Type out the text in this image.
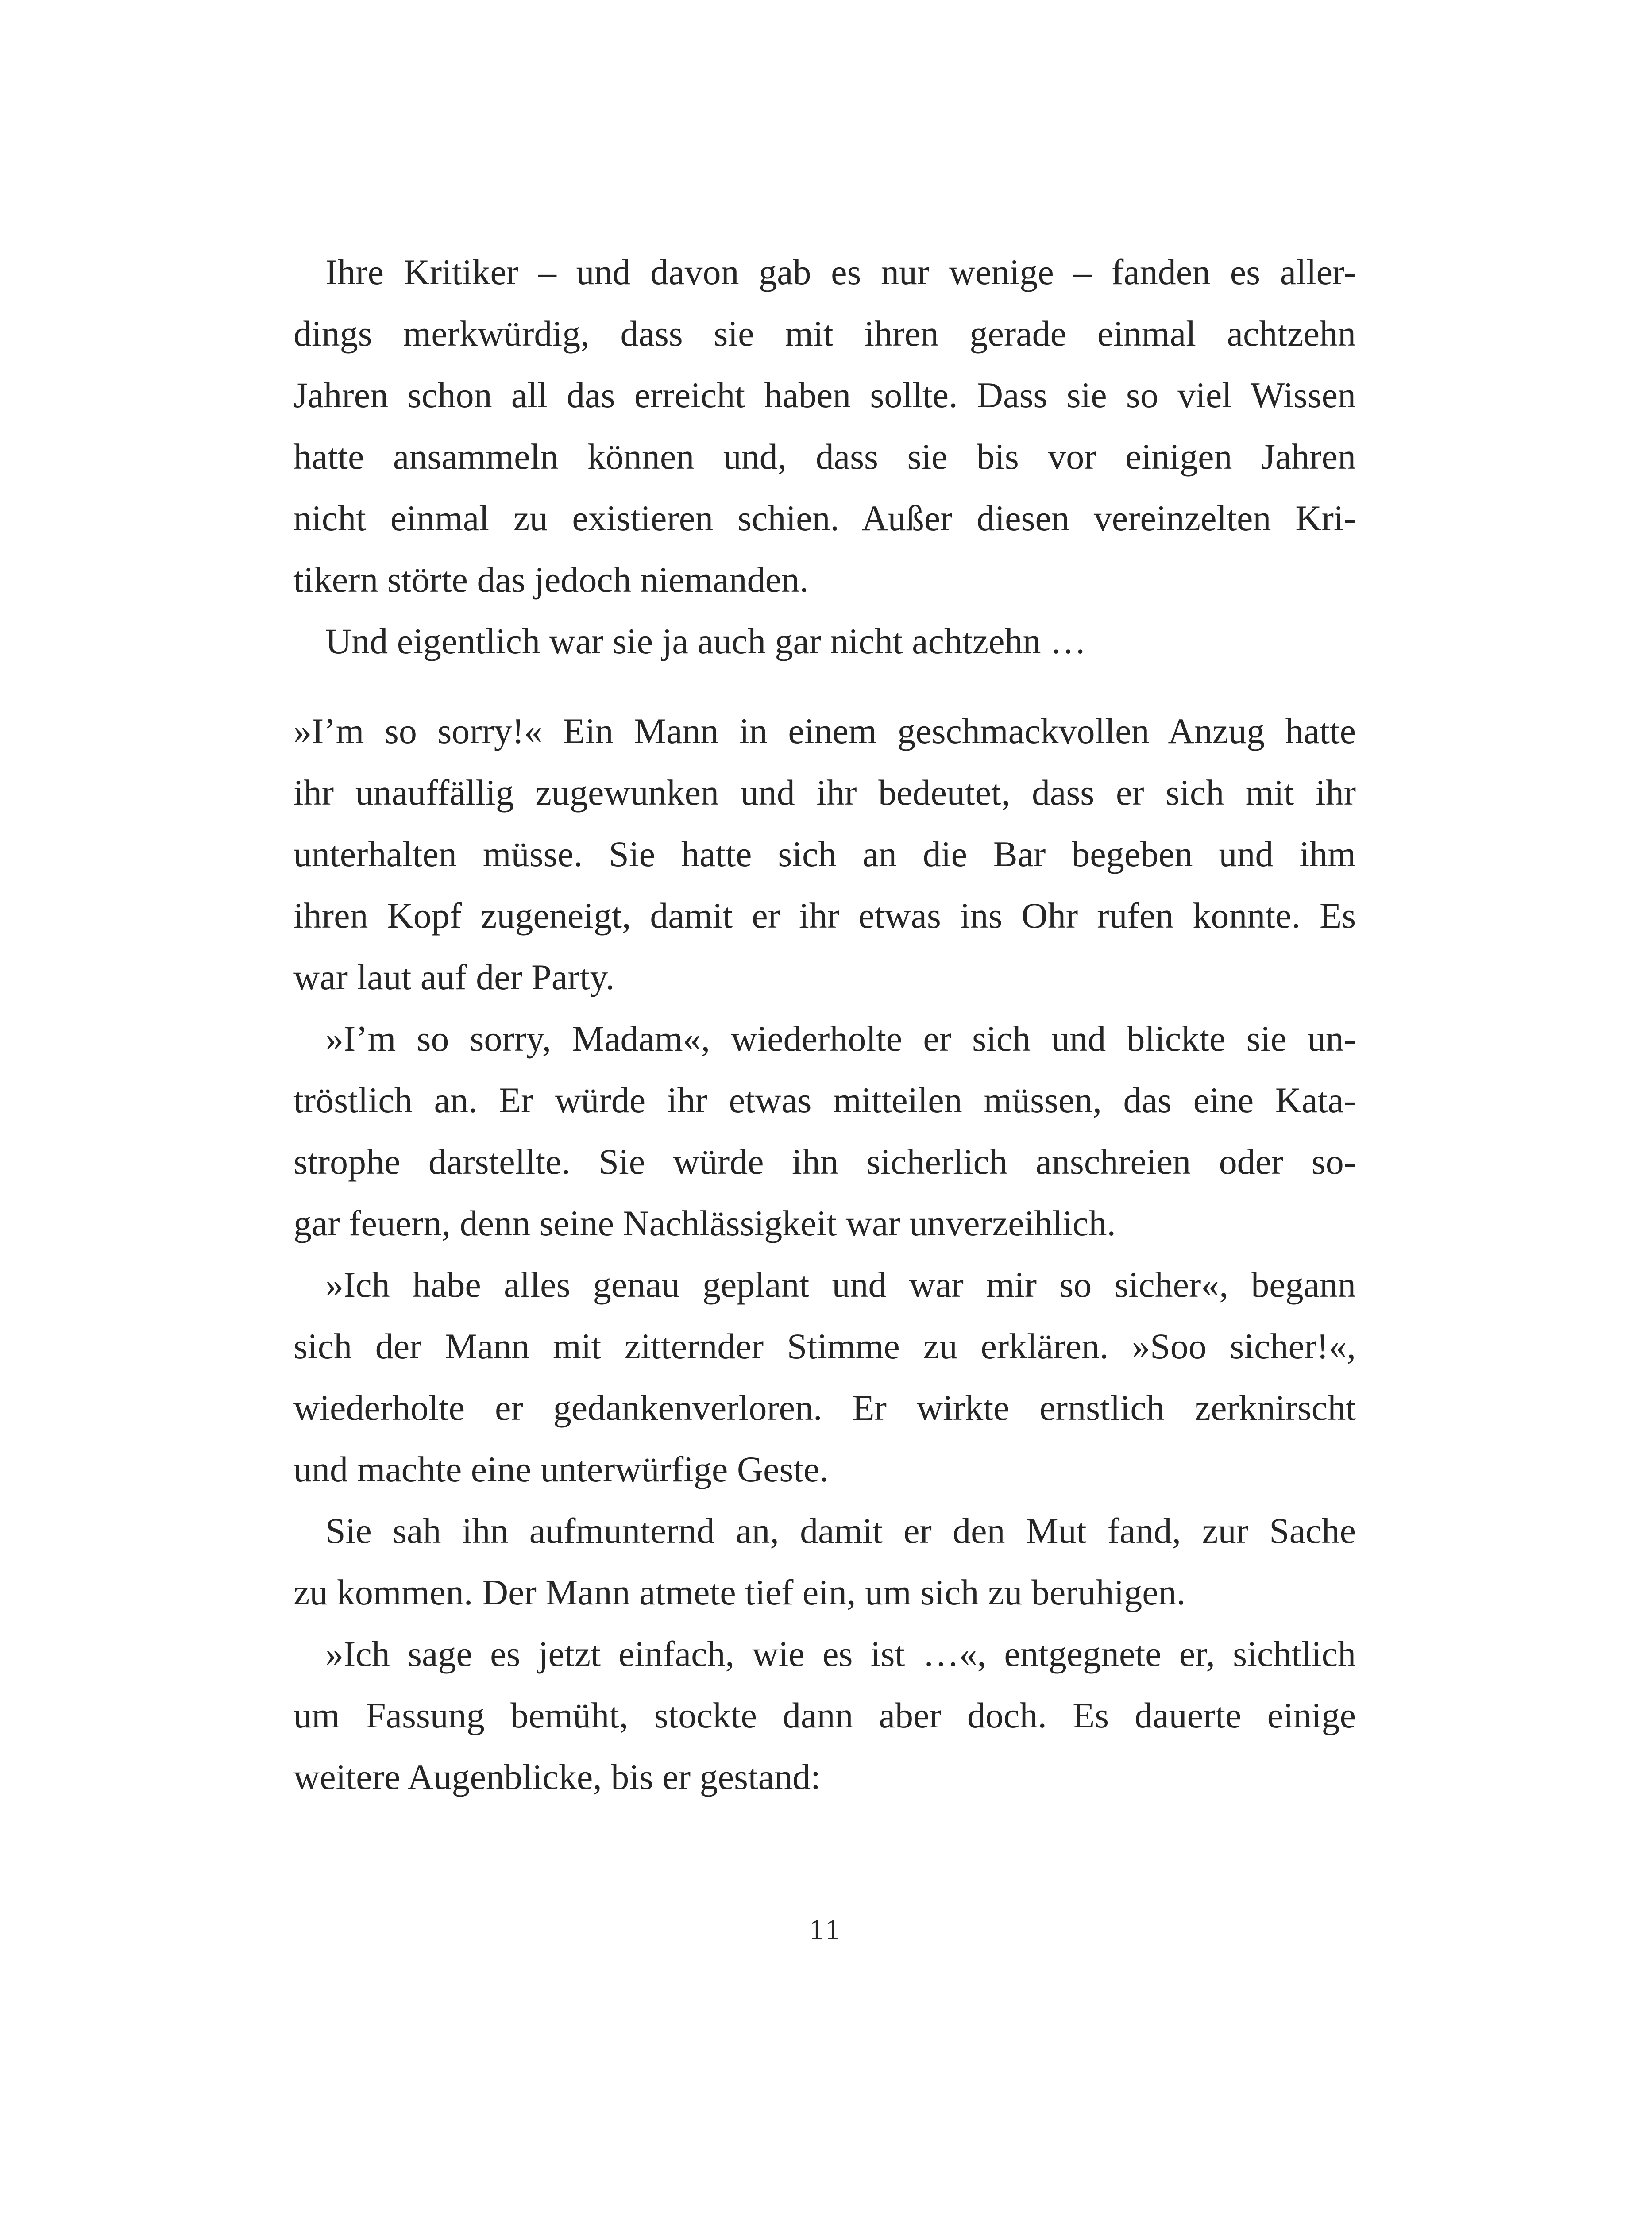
Ihre Kritiker – und davon gab es nur wenige – fanden es aller-
dings merkwürdig, dass sie mit ihren gerade einmal achtzehn
Jahren schon all das erreicht haben sollte. Dass sie so viel Wissen
hatte ansammeln können und, dass sie bis vor einigen Jahren
nicht einmal zu existieren schien. Außer diesen vereinzelten Kri-
tikern störte das jedoch niemanden.
Und eigentlich war sie ja auch gar nicht achtzehn …
»I’m so sorry!« Ein Mann in einem geschmackvollen Anzug hatte
ihr unauffällig zugewunken und ihr bedeutet, dass er sich mit ihr
unterhalten müsse. Sie hatte sich an die Bar begeben und ihm
ihren Kopf zugeneigt, damit er ihr etwas ins Ohr rufen konnte. Es
war laut auf der Party.
»I’m so sorry, Madam«, wiederholte er sich und blickte sie un-
tröstlich an. Er würde ihr etwas mitteilen müssen, das eine Kata-
strophe darstellte. Sie würde ihn sicherlich anschreien oder so-
gar feuern, denn seine Nachlässigkeit war unverzeihlich.
»Ich habe alles genau geplant und war mir so sicher«, begann
sich der Mann mit zitternder Stimme zu erklären. »Soo sicher!«,
wiederholte er gedankenverloren. Er wirkte ernstlich zerknirscht
und machte eine unterwürfige Geste.
Sie sah ihn aufmunternd an, damit er den Mut fand, zur Sache
zu kommen. Der Mann atmete tief ein, um sich zu beruhigen.
»Ich sage es jetzt einfach, wie es ist …«, entgegnete er, sichtlich
um Fassung bemüht, stockte dann aber doch. Es dauerte einige
weitere Augenblicke, bis er gestand:
11
